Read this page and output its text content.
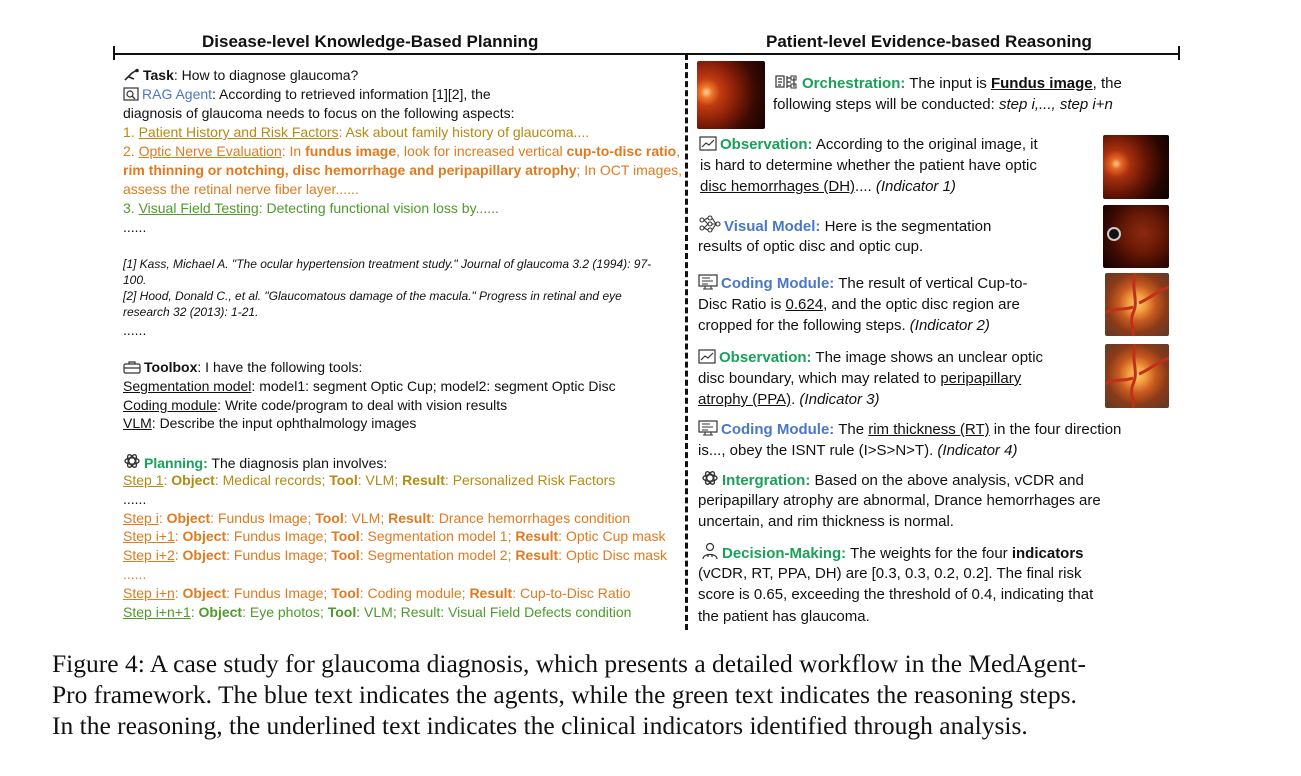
Disease-level Knowledge-Based Planning	Patient-level Evidence-based Reasoning
Task: How to diagnose glaucoma?
RAG Agent: According to retrieved information [1][2], the
diagnosis of glaucoma needs to focus on the following aspects:
1. Patient History and Risk Factors: Ask about family history of glaucoma....
2. Optic Nerve Evaluation: In fundus image, look for increased vertical cup-to-disc ratio,
rim thinning or notching, disc hemorrhage and peripapillary atrophy; In OCT images,
assess the retinal nerve fiber layer......
3. Visual Field Testing: Detecting functional vision loss by......
......
[1] Kass, Michael A. "The ocular hypertension treatment study." Journal of glaucoma 3.2 (1994): 97-
100.
[2] Hood, Donald C., et al. "Glaucomatous damage of the macula." Progress in retinal and eye
research 32 (2013): 1-21.
......
Toolbox: I have the following tools:
Segmentation model: model1: segment Optic Cup; model2: segment Optic Disc
Coding module: Write code/program to deal with vision results
VLM: Describe the input ophthalmology images
Planning: The diagnosis plan involves:
Step 1: Object: Medical records; Tool: VLM; Result: Personalized Risk Factors
......
Step i: Object: Fundus Image; Tool: VLM; Result: Drance hemorrhages condition
Step i+1: Object: Fundus Image; Tool: Segmentation model 1; Result: Optic Cup mask
Step i+2: Object: Fundus Image; Tool: Segmentation model 2; Result: Optic Disc mask
......
Step i+n: Object: Fundus Image; Tool: Coding module; Result: Cup-to-Disc Ratio
Step i+n+1: Object: Eye photos; Tool: VLM; Result: Visual Field Defects condition
Orchestration: The input is Fundus image, the
following steps will be conducted: step i,..., step i+n
Observation: According to the original image, it
is hard to determine whether the patient have optic
disc hemorrhages (DH).... (Indicator 1)
Visual Model: Here is the segmentation
results of optic disc and optic cup.
Coding Module: The result of vertical Cup-to-
Disc Ratio is 0.624, and the optic disc region are
cropped for the following steps. (Indicator 2)
Observation: The image shows an unclear optic
disc boundary, which may related to peripapillary
atrophy (PPA). (Indicator 3)
Coding Module: The rim thickness (RT) in the four direction
is..., obey the ISNT rule (I>S>N>T). (Indicator 4)
Intergration: Based on the above analysis, vCDR and
peripapillary atrophy are abnormal, Drance hemorrhages are
uncertain, and rim thickness is normal.
Decision-Making: The weights for the four indicators
(vCDR, RT, PPA, DH) are [0.3, 0.3, 0.2, 0.2]. The final risk
score is 0.65, exceeding the threshold of 0.4, indicating that
the patient has glaucoma.
Figure 4: A case study for glaucoma diagnosis, which presents a detailed workflow in the MedAgent-
Pro framework. The blue text indicates the agents, while the green text indicates the reasoning steps.
In the reasoning, the underlined text indicates the clinical indicators identified through analysis.
